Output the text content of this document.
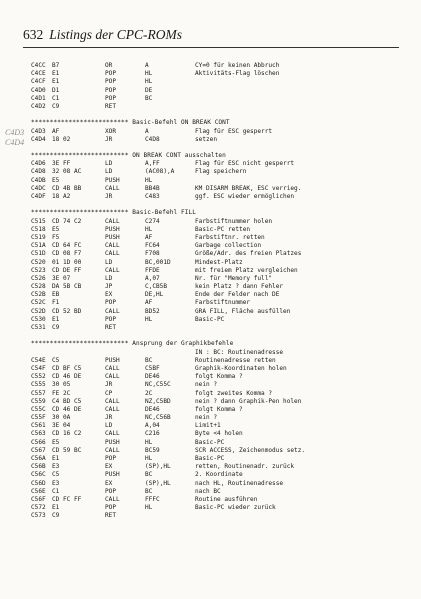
632 Listings der CPC-ROMs
C4D3
C4D4
C4CC B7	OR	A	CY=0 für keinen Abbruch
C4CE E1	POP	HL	Aktivitäts-Flag löschen
C4CF E1	POP	HL
C4D0 D1	POP	DE
C4D1 C1	POP	BC
C4D2 C9	RET
************************** Basic-Befehl ON BREAK CONT
C4D3 AF	XOR	A	Flag für ESC gesperrt
C4D4 18 02	JR	C4D8	setzen
************************** ON BREAK CONT ausschalten
C4D6 3E FF	LD	A,FF	Flag für ESC nicht gesperrt
C4D8 32 08 AC	LD	(AC08),A	Flag speichern
C4DB E5	PUSH	HL
C4DC CD 4B BB	CALL	BB4B	KM DISARM BREAK, ESC verrieg.
C4DF 18 A2	JR	C483	ggf. ESC wieder ermöglichen
************************** Basic-Befehl FILL
C515 CD 74 C2	CALL	C274	Farbstiftnummer holen
C518 E5	PUSH	HL	Basic-PC retten
C519 F5	PUSH	AF	Farbstiftnr. retten
C51A CD 64 FC	CALL	FC64	Garbage collection
C51D CD 08 F7	CALL	F708	Größe/Adr. des freien Platzes
C520 01 1D 00	LD	BC,001D	Mindest-Platz
C523 CD DE FF	CALL	FFDE	mit freiem Platz vergleichen
C526 3E 07	LD	A,07	Nr. für "Memory full"
C528 DA 5B CB	JP	C,CB5B	kein Platz ? dann Fehler
C52B EB	EX	DE,HL	Ende der Felder nach DE
C52C F1	POP	AF	Farbstiftnummer
C52D CD 52 BD	CALL	BD52	GRA FILL, Fläche ausfüllen
C530 E1	POP	HL	Basic-PC
C531 C9	RET
************************** Ansprung der Graphikbefehle
IN : BC: Routinenadresse
C54E C5	PUSH	BC	Routinenadresse retten
C54F CD BF C5	CALL	C5BF	Graphik-Koordinaten holen
C552 CD 46 DE	CALL	DE46	folgt Komma ?
C555 30 05	JR	NC,C55C	nein ?
C557 FE 2C	CP	2C	folgt zweites Komma ?
C559 C4 BD C5	CALL	NZ,C5BD	nein ? dann Graphik-Pen holen
C55C CD 46 DE	CALL	DE46	folgt Komma ?
C55F 30 0A	JR	NC,C56B	nein ?
C561 3E 04	LD	A,04	Limit+1
C563 CD 16 C2	CALL	C216	Byte <4 holen
C566 E5	PUSH	HL	Basic-PC
C567 CD 59 BC	CALL	BC59	SCR ACCESS, Zeichenmodus setz.
C56A E1	POP	HL	Basic-PC
C56B E3	EX	(SP),HL	retten, Routinenadr. zurück
C56C C5	PUSH	BC	2. Koordinate
C56D E3	EX	(SP),HL	nach HL, Routinenadresse
C56E C1	POP	BC	nach BC
C56F CD FC FF	CALL	FFFC	Routine ausführen
C572 E1	POP	HL	Basic-PC wieder zurück
C573 C9	RET
